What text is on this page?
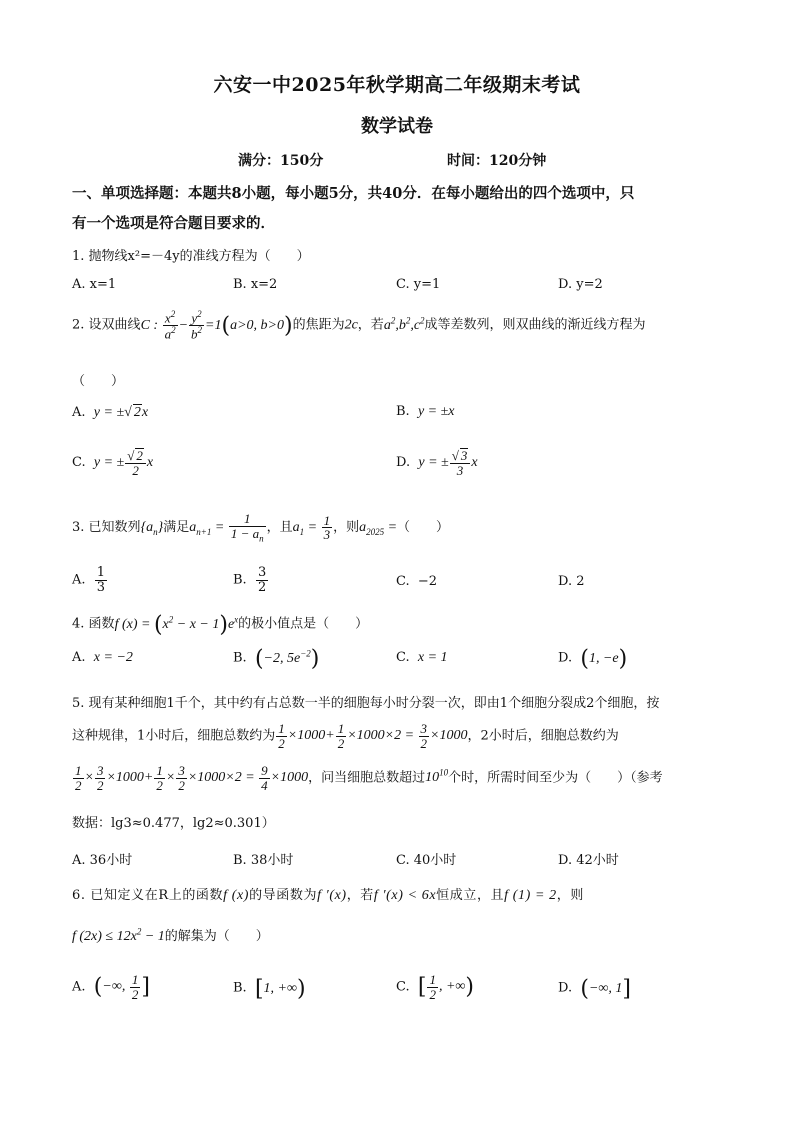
六安一中2025年秋学期高二年级期末考试
数学试卷
满分：150分	时间：120分钟
一、单项选择题：本题共8小题，每小题5分，共40分．在每小题给出的四个选项中，只
有一个选项是符合题目要求的．
1. 抛物线x²=－4y的准线方程为（　　）
A. x=1	B. x=2	C. y=1	D. y=2
2. 设双曲线C : $\frac{x^2}{a^2} - \frac{y^2}{b^2} =1(a>0$, b>0)的焦距为2c，若$a^2,b^2,c^2$成等差数列，则双曲线的渐近线方程为
（　　）
A. y = ±√ 2x	B. y = ±x
C. y = ± $\frac{√ 2}{2}$ x	D. y = ± $\frac{√ 3}{3}$ x
3. 已知数列$\{a_n\}$满足$a_{n+1} = \frac{1}{1 - a_n}$ ，且$a_1 = \frac{1}{3}$ ，则$a_{2025}$ =（　　）
A. $\frac{1}{3}$	B. $\frac{3}{2}$	C. −2	D. 2
4. 函数f $(x) = (x^2 - x - 1)e^x$的极小值点是（　　）
A. x = −2	B. (−2, $5e^{-2}$)	C. x = 1	D. (1, −e)
5. 现有某种细胞1千个，其中约有占总数一半的细胞每小时分裂一次，即由1个细胞分裂成2个细胞，按
这种规律，1小时后，细胞总数约为 $\frac{1}{2} \times 1000+ \frac{1}{2} \times 1000\times 2 = \frac{3}{2} \times 1000$，2小时后，细胞总数约为
$\frac{1}{2} \times \frac{3}{2} \times 1000+ \frac{1}{2} \times \frac{3}{2} \times 1000\times 2 = \frac{9}{4} \times 1000$，问当细胞总数超过$10^{10}$个时，所需时间至少为（　　）（参考
数据：lg3≈0.477，lg2≈0.301）
A. 36小时	B. 38小时	C. 40小时	D. 42小时
6. 已知定义在R上的函数f (x)的导函数为f ′(x)，若f ′(x) < 6x恒成立，且f (1) = 2，则
f $(2x) \le 12x^2 - 1$的解集为（　　）
A. (−∞, $\frac{1}{2}$ ]	B. [1, +∞)	C. [ $\frac{1}{2}$ , +∞)	D. (−∞, 1]
